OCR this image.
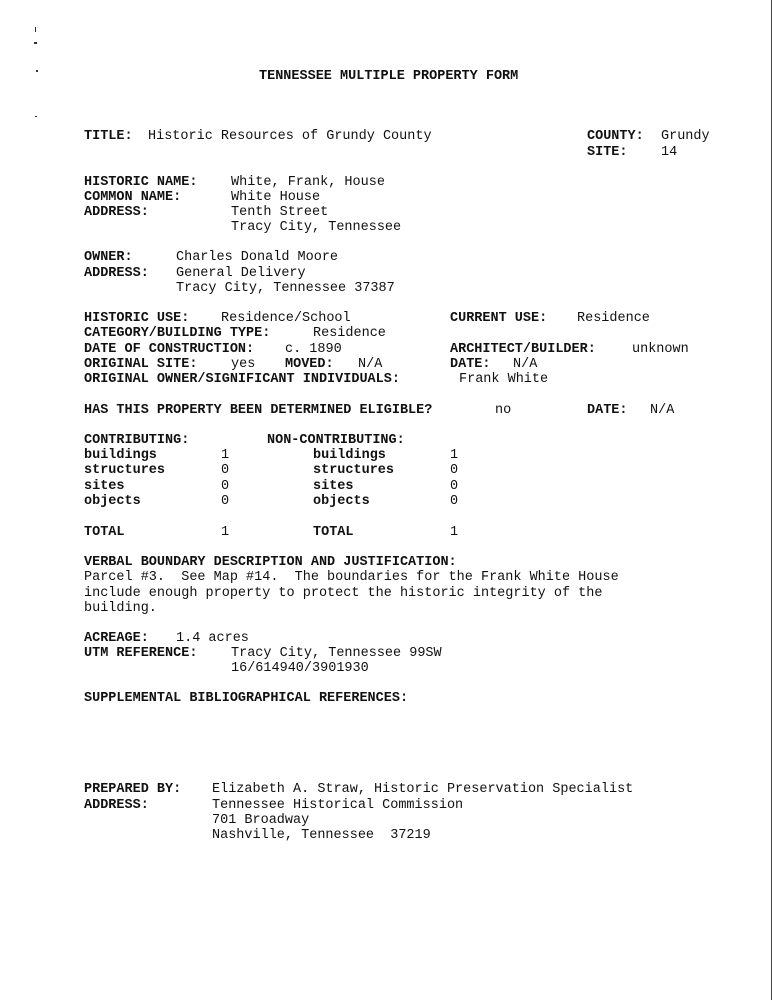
TENNESSEE MULTIPLE PROPERTY FORM
TITLE: Historic Resources of Grundy County	COUNTY: Grundy
SITE: 14
HISTORIC NAME: White, Frank, House
COMMON NAME:	White House
ADDRESS:	Tenth Street
Tracy City, Tennessee
OWNER:	Charles Donald Moore
ADDRESS: General Delivery
Tracy City, Tennessee 37387
HISTORIC USE: Residence/School	CURRENT USE: Residence
CATEGORY/BUILDING TYPE:	Residence
DATE OF CONSTRUCTION: c. 1890	ARCHITECT/BUILDER:	unknown
ORIGINAL SITE: yes MOVED: N/A	DATE: N/A
ORIGINAL OWNER/SIGNIFICANT INDIVIDUALS:	Frank White
HAS THIS PROPERTY BEEN DETERMINED ELIGIBLE?	no	DATE: N/A
CONTRIBUTING:	NON-CONTRIBUTING:
buildings	1	buildings	1
structures	0	structures	0
sites	0	sites	0
objects	0	objects	0
TOTAL	1	TOTAL	1
VERBAL BOUNDARY DESCRIPTION AND JUSTIFICATION:
Parcel #3.  See Map #14.  The boundaries for the Frank White House
include enough property to protect the historic integrity of the
building.
ACREAGE: 1.4 acres
UTM REFERENCE: Tracy City, Tennessee 99SW
16/614940/3901930
SUPPLEMENTAL BIBLIOGRAPHICAL REFERENCES:
PREPARED BY: Elizabeth A. Straw, Historic Preservation Specialist
ADDRESS:	Tennessee Historical Commission
701 Broadway
Nashville, Tennessee  37219
